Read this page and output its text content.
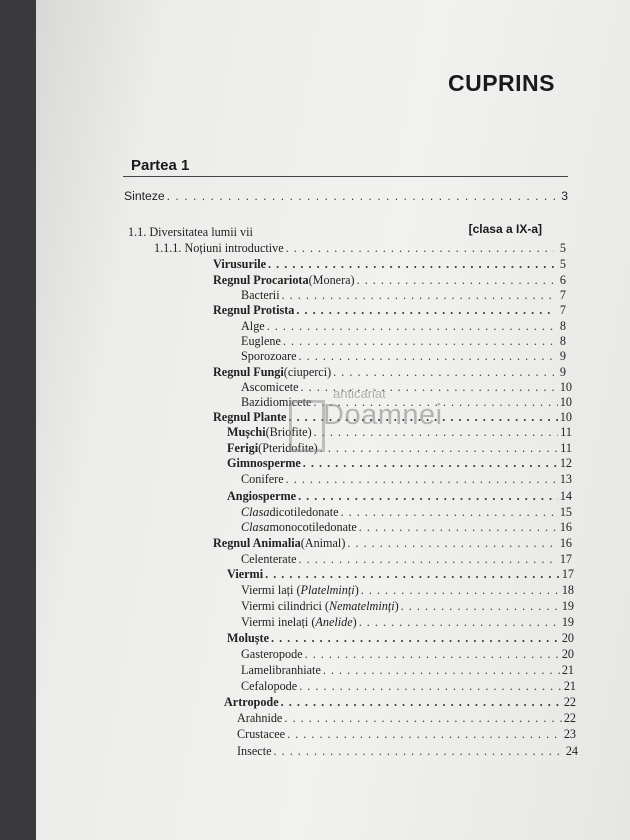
CUPRINS
Partea 1
[clasa a IX-a]
Sinteze . . .	3
1.1. Diversitatea lumii vii
1.1.1. Noțiuni introductive . . .	5
Virusurile . . .	5
Regnul Procariota (Monera) . . .	6
Bacterii . . .	7
Regnul Protista . . .	7
Alge . . .	8
Euglene . . .	8
Sporozoare . . .	9
Regnul Fungi (ciuperci) . . .	9
Ascomicete . . .	10
Bazidiomicete . . .	10
Regnul Plante . . .	10
Mușchi (Briofite) . . .	11
Ferigi (Pteridofite) . . .	11
Gimnosperme . . .	12
Conifere . . .	13
Angiosperme . . .	14
Clasa dicotiledonate . . .	15
Clasa monocotiledonate . . .	16
Regnul Animalia (Animal) . . .	16
Celenterate . . .	17
Viermi . . .	17
Viermi lați ( Platelminți ) . . .	18
Viermi cilindrici ( Nematelminți ) . . .	19
Viermi inelați ( Anelide ) . . .	19
Moluște . . .	20
Gasteropode . . .	20
Lamelibranhiate . . .	21
Cefalopode . . .	21
Artropode . . .	22
Arahnide . . .	22
Crustacee . . .	23
Insecte . . .	24
anticariat
Doamnei
